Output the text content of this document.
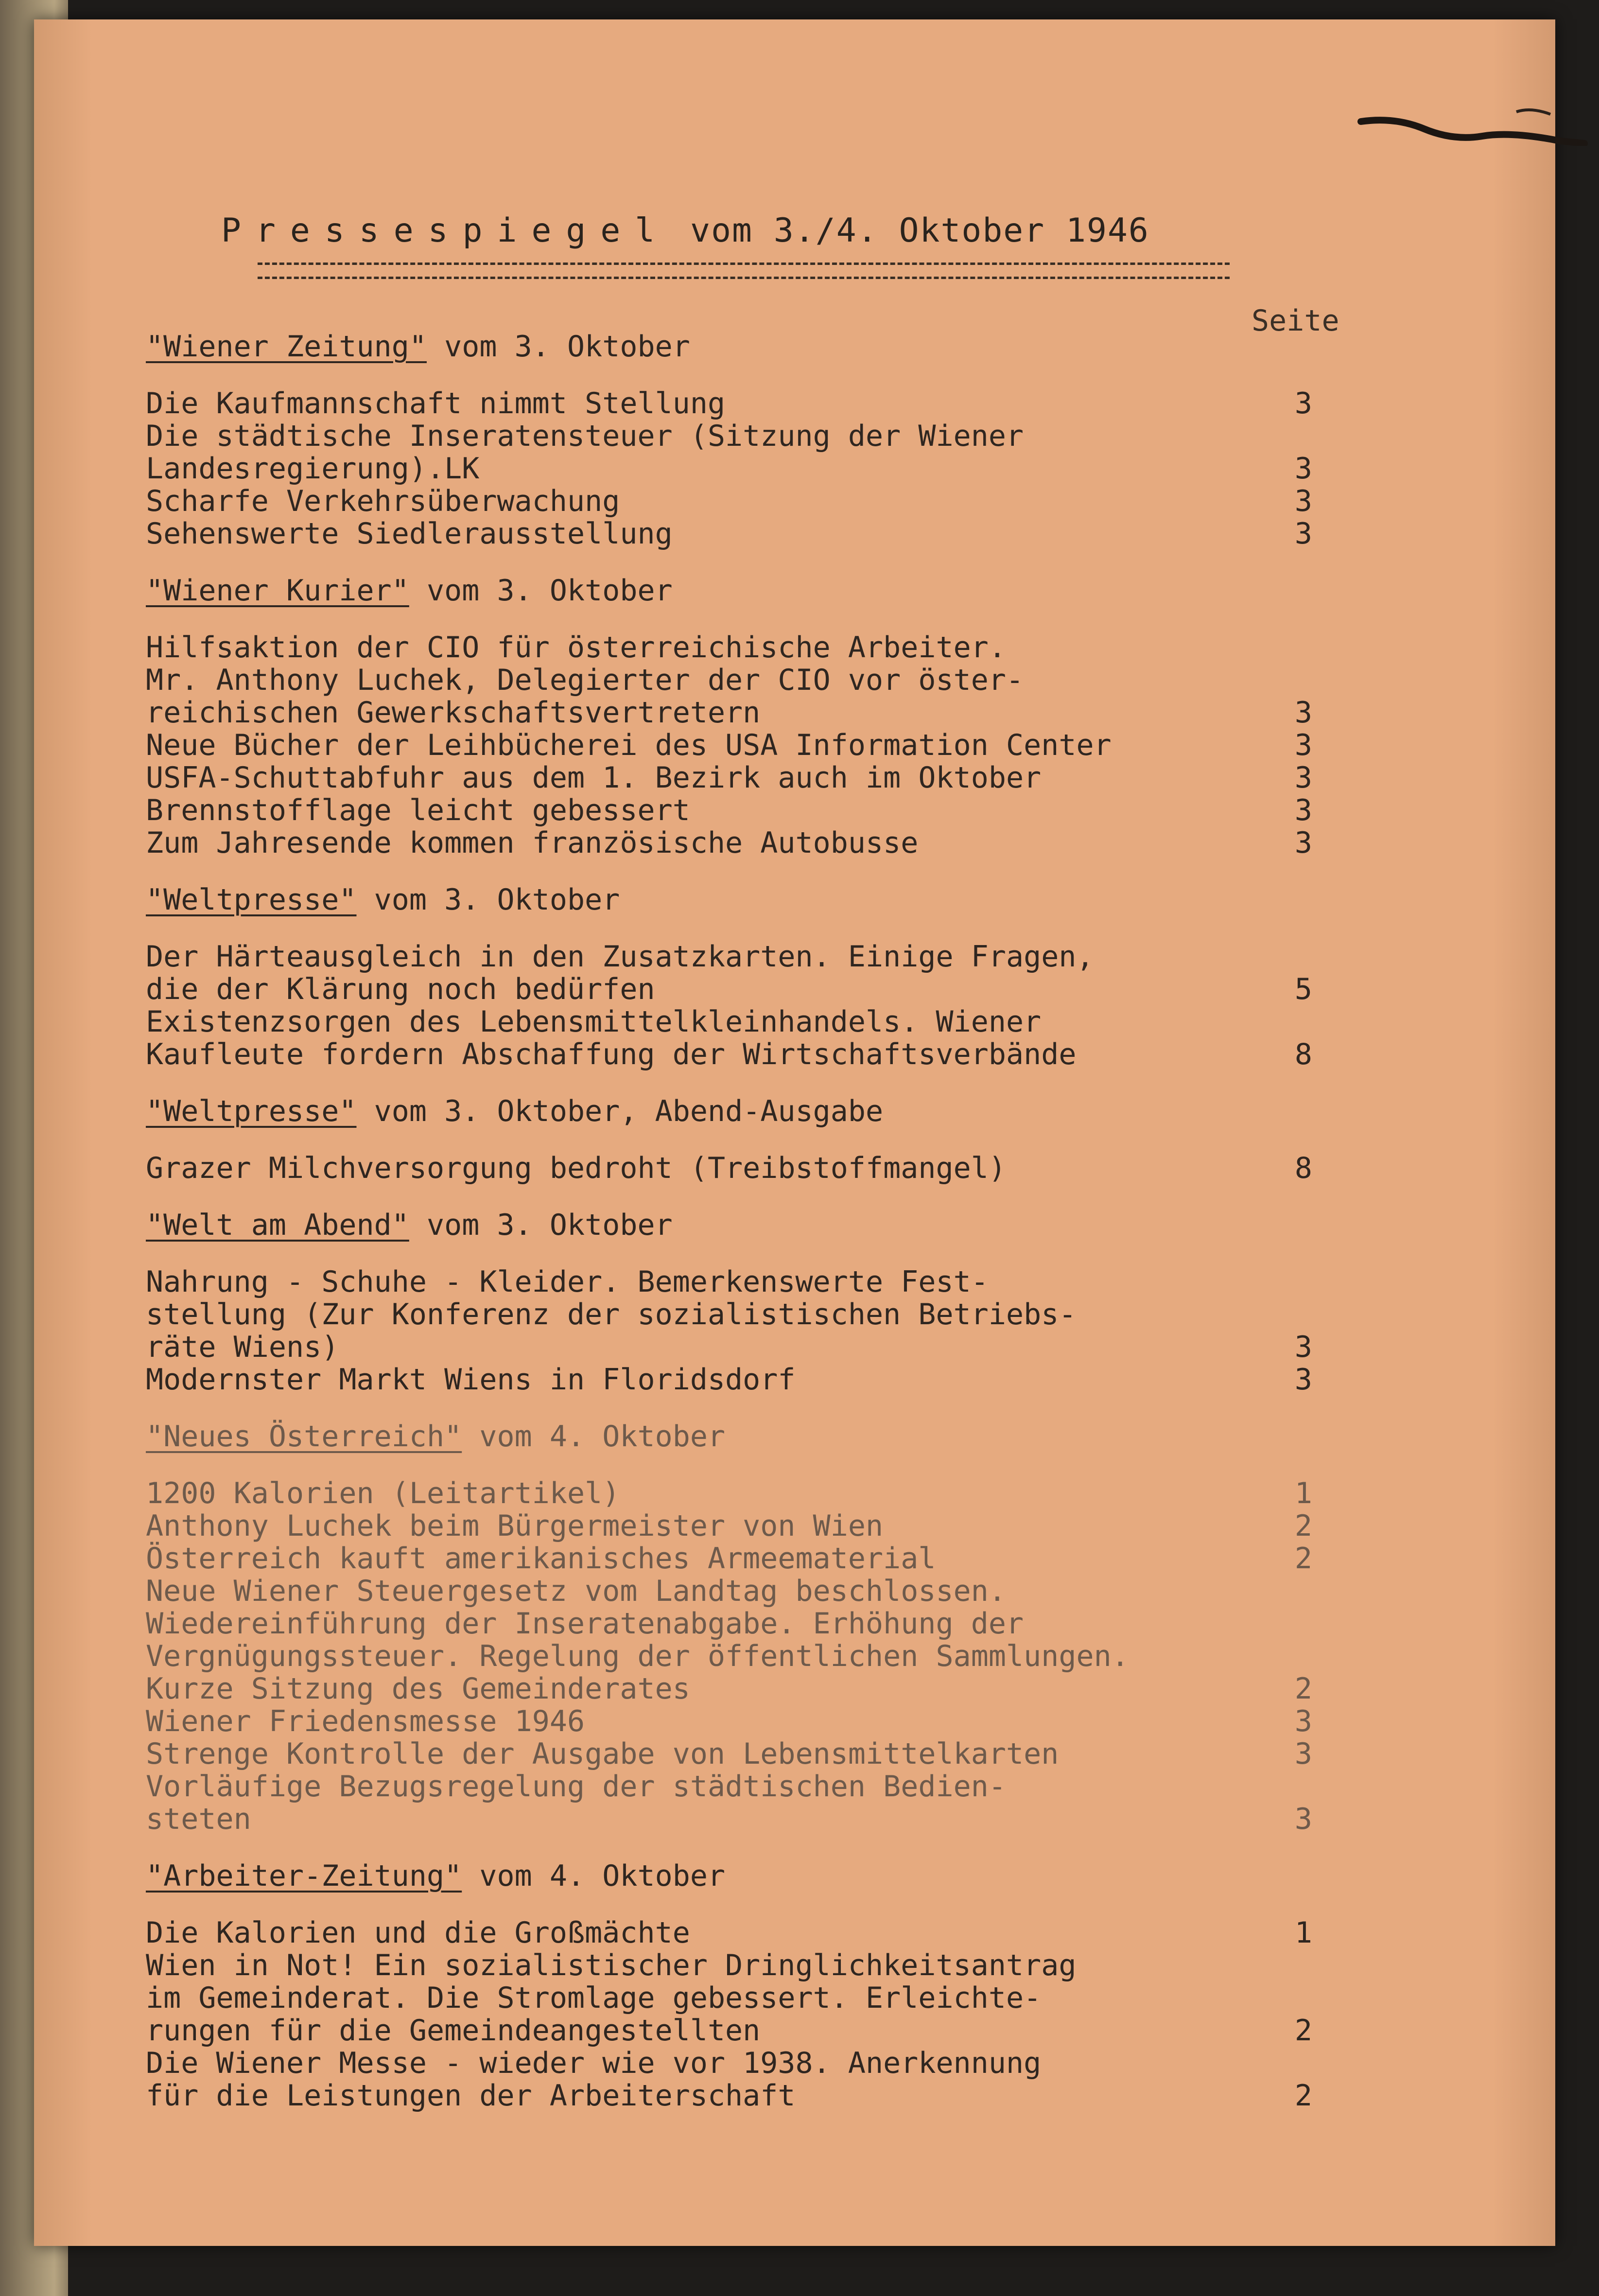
Pressespiegel vom 3./4. Oktober 1946
Seite
"Wiener Zeitung" vom 3. Oktober
Die Kaufmannschaft nimmt Stellung	3
Die städtische Inseratensteuer (Sitzung der Wiener
Landesregierung).LK	3
Scharfe Verkehrsüberwachung	3
Sehenswerte Siedlerausstellung	3
"Wiener Kurier" vom 3. Oktober
Hilfsaktion der CIO für österreichische Arbeiter.
Mr. Anthony Luchek, Delegierter der CIO vor öster-
reichischen Gewerkschaftsvertretern	3
Neue Bücher der Leihbücherei des USA Information Center	3
USFA-Schuttabfuhr aus dem 1. Bezirk auch im Oktober	3
Brennstofflage leicht gebessert	3
Zum Jahresende kommen französische Autobusse	3
"Weltpresse" vom 3. Oktober
Der Härteausgleich in den Zusatzkarten. Einige Fragen,
die der Klärung noch bedürfen	5
Existenzsorgen des Lebensmittelkleinhandels. Wiener
Kaufleute fordern Abschaffung der Wirtschaftsverbände	8
"Weltpresse" vom 3. Oktober, Abend-Ausgabe
Grazer Milchversorgung bedroht (Treibstoffmangel)	8
"Welt am Abend" vom 3. Oktober
Nahrung - Schuhe - Kleider. Bemerkenswerte Fest-
stellung (Zur Konferenz der sozialistischen Betriebs-
räte Wiens)	3
Modernster Markt Wiens in Floridsdorf	3
"Neues Österreich" vom 4. Oktober
1200 Kalorien (Leitartikel)	1
Anthony Luchek beim Bürgermeister von Wien	2
Österreich kauft amerikanisches Armeematerial	2
Neue Wiener Steuergesetz vom Landtag beschlossen.
Wiedereinführung der Inseratenabgabe. Erhöhung der
Vergnügungssteuer. Regelung der öffentlichen Sammlungen.
Kurze Sitzung des Gemeinderates	2
Wiener Friedensmesse 1946	3
Strenge Kontrolle der Ausgabe von Lebensmittelkarten	3
Vorläufige Bezugsregelung der städtischen Bedien-
steten	3
"Arbeiter-Zeitung" vom 4. Oktober
Die Kalorien und die Großmächte	1
Wien in Not! Ein sozialistischer Dringlichkeitsantrag
im Gemeinderat. Die Stromlage gebessert. Erleichte-
rungen für die Gemeindeangestellten	2
Die Wiener Messe - wieder wie vor 1938. Anerkennung
für die Leistungen der Arbeiterschaft	2
